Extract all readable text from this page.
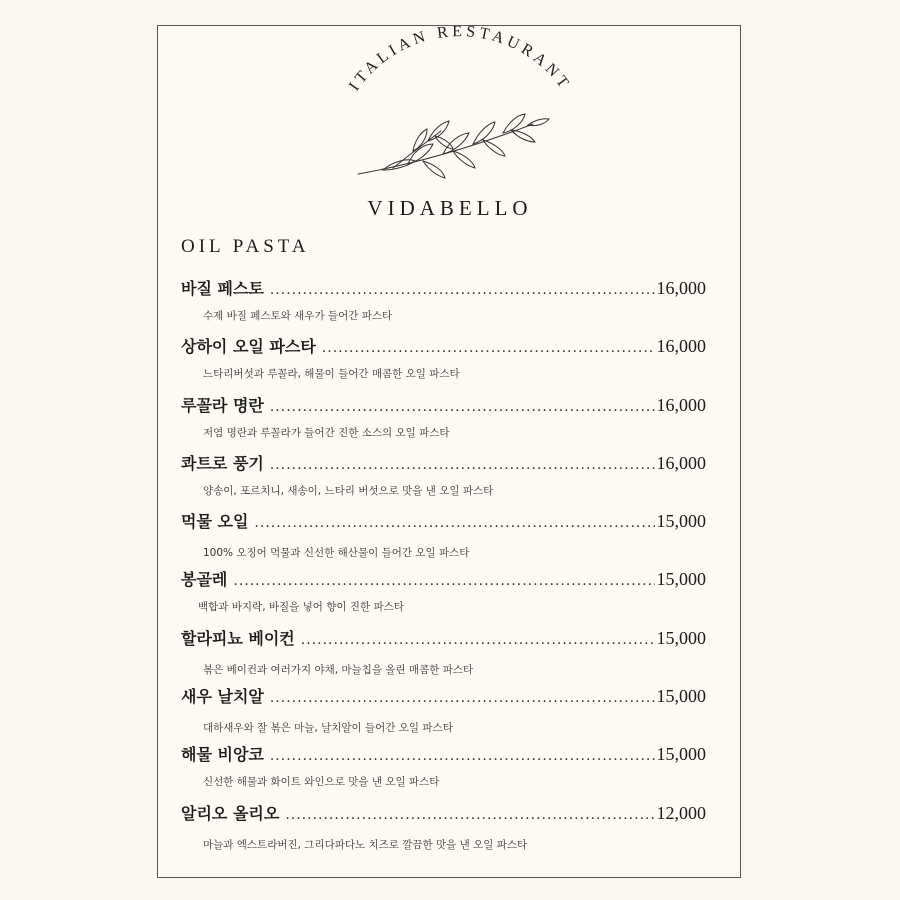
ITALIAN RESTAURANT
VIDABELLO
OIL PASTA
바질 페스토 .....	16,000
수제 바질 페스토와 새우가 들어간 파스타
상하이 오일 파스타 .....	16,000
느타리버섯과 루꼴라, 해물이 들어간 매콤한 오일 파스타
루꼴라 명란 .....	16,000
저염 명란과 루꼴라가 들어간 진한 소스의 오일 파스타
콰트로 풍기 .....	16,000
양송이, 포르치니, 새송이, 느타리 버섯으로 맛을 낸 오일 파스타
먹물 오일 .....	15,000
100% 오징어 먹물과 신선한 해산물이 들어간 오일 파스타
봉골레 .....	15,000
백합과 바지락, 바질을 넣어 향이 진한 파스타
할라피뇨 베이컨 .....	15,000
볶은 베이컨과 여러가지 야채, 마늘칩을 올린 매콤한 파스타
새우 날치알 .....	15,000
대하새우와 잘 볶은 마늘, 날치알이 들어간 오일 파스타
해물 비앙코 .....	15,000
신선한 해물과 화이트 와인으로 맛을 낸 오일 파스타
알리오 올리오 .....	12,000
마늘과 엑스트라버진, 그리다파다노 치즈로 깔끔한 맛을 낸 오일 파스타
